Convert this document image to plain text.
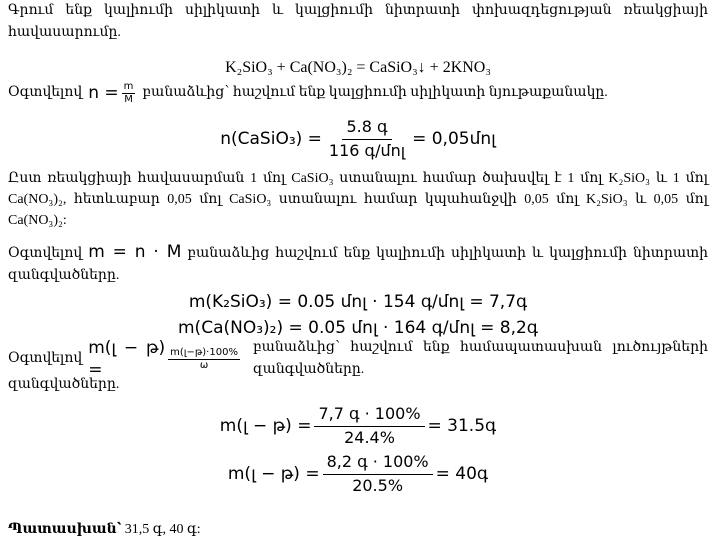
Գրում ենք կալիումի սիլիկատի և կալցիումի նիտրատի փոխազդեցության ռեակցիայի հավասարումը.
K₂SiO₃ + Ca(NO₃)₂ = CaSiO₃↓ + 2KNO₃
Օգտվելով $n = \frac{m}{M}$ բանաձևից՝ հաշվում ենք կալցիումի սիլիկատի նյութաքանակը.
n(CaSiO₃) = $\frac{\text{5.8 գ}}{\text{116 գ/մոլ}}$ = 0,05մոլ
Ըստ ռեակցիայի հավասարման 1 մոլ CaSiO₃ ստանալու համար ծախսվել է 1 մոլ K₂SiO₃ և 1 մոլ Ca(NO₃)₂, հետևաբար 0,05 մոլ CaSiO₃ ստանալու համար կպահանջվի 0,05 մոլ K₂SiO₃ և 0,05 մոլ Ca(NO₃)₂:
Օգտվելով m = n · M բանաձևից հաշվում ենք կալիումի սիլիկատի և կալցիումի նիտրատի զանգվածները.
m(K₂SiO₃) = 0.05 մոլ · 154 գ/մոլ = 7,7գ
m(Ca(NO₃)₂) = 0.05 մոլ · 164 գ/մոլ = 8,2գ
Օգտվելով
m(լ − թ) =	$\frac{\text{m(լ−թ)·100\%}}{\omega}$ բանաձևից՝ հաշվում ենք համապատասխան լուծույթների զանգվածները.
զանգվածները.
m(լ − թ) = $\frac{\text{7,7 գ · 100\%}}{24.4\%}$ = 31.5գ
m(լ − թ) = $\frac{\text{8,2 գ · 100\%}}{20.5\%}$ = 40գ
Պատասխան՝ 31,5 գ, 40 գ:
